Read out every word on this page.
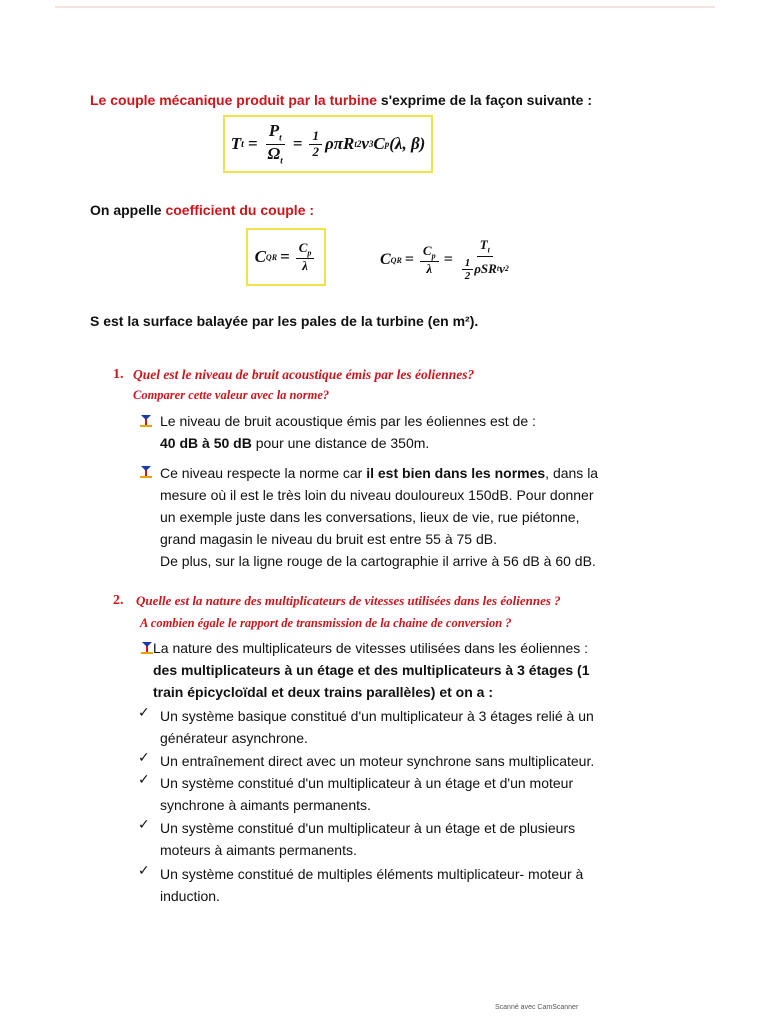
Le couple mécanique produit par la turbine s'exprime de la façon suivante :
T $t = \frac{P_t}{\Omega_t} = \frac{1}{2}$ ρπR t 2 v 3 C p (λ, β)
On appelle coefficient du couple :
C QR = $\frac{C_p}{\lambda}$	C QR = $\frac{C_p}{\lambda} = \frac{T_t}{\frac{1}{2} \rho SR t v 2}$
S est la surface balayée par les pales de la turbine (en m²).
1. Quel est le niveau de bruit acoustique émis par les éoliennes?
Comparer cette valeur avec la norme?
Le niveau de bruit acoustique émis par les éoliennes est de :
40 dB à 50 dB pour une distance de 350m.
Ce niveau respecte la norme car il est bien dans les normes, dans la
mesure où il est le très loin du niveau douloureux 150dB. Pour donner
un exemple juste dans les conversations, lieux de vie, rue piétonne,
grand magasin le niveau du bruit est entre 55 à 75 dB.
De plus, sur la ligne rouge de la cartographie il arrive à 56 dB à 60 dB.
2. Quelle est la nature des multiplicateurs de vitesses utilisées dans les éoliennes ?
A combien égale le rapport de transmission de la chaine de conversion ?
La nature des multiplicateurs de vitesses utilisées dans les éoliennes :
des multiplicateurs à un étage et des multiplicateurs à 3 étages (1
train épicycloïdal et deux trains parallèles) et on a :
✓ Un système basique constitué d'un multiplicateur à 3 étages relié à un
générateur asynchrone.
✓ Un entraînement direct avec un moteur synchrone sans multiplicateur.
✓ Un système constitué d'un multiplicateur à un étage et d'un moteur
synchrone à aimants permanents.
✓ Un système constitué d'un multiplicateur à un étage et de plusieurs
moteurs à aimants permanents.
✓ Un système constitué de multiples éléments multiplicateur- moteur à
induction.
Scanné avec CamScanner
